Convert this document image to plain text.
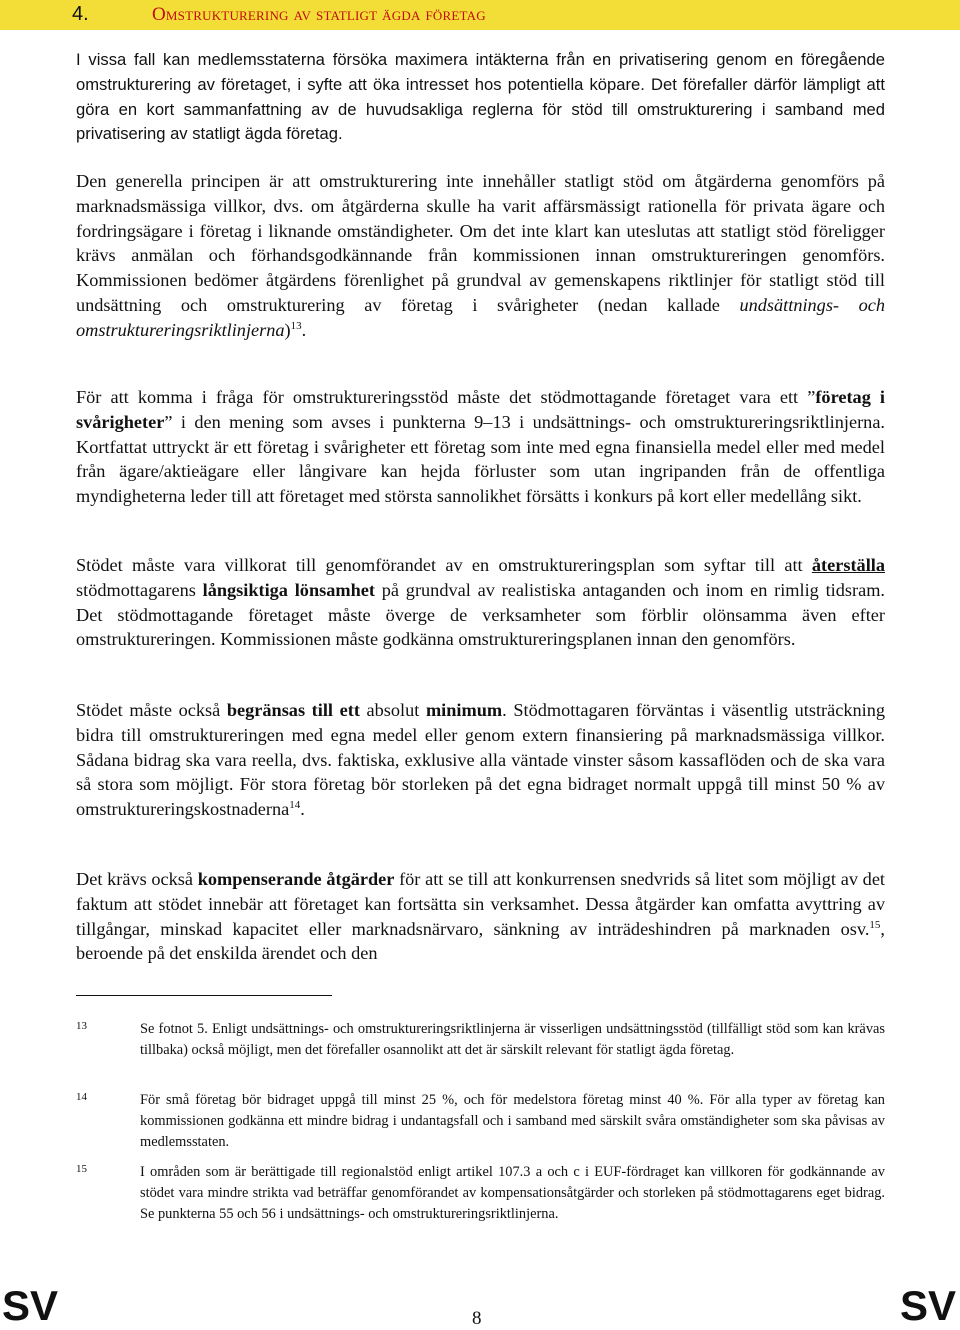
4.	Omstrukturering av statligt ägda företag

I vissa fall kan medlemsstaterna försöka maximera intäkterna från en privatisering genom en föregående omstrukturering av företaget, i syfte att öka intresset hos potentiella köpare. Det förefaller därför lämpligt att göra en kort sammanfattning av de huvudsakliga reglerna för stöd till omstrukturering i samband med privatisering av statligt ägda företag.

Den generella principen är att omstrukturering inte innehåller statligt stöd om åtgärderna genomförs på marknadsmässiga villkor, dvs. om åtgärderna skulle ha varit affärsmässigt rationella för privata ägare och fordringsägare i företag i liknande omständigheter. Om det inte klart kan uteslutas att statligt stöd föreligger krävs anmälan och förhandsgodkännande från kommissionen innan omstruktureringen genomförs. Kommissionen bedömer åtgärdens förenlighet på grundval av gemenskapens riktlinjer för statligt stöd till undsättning och omstrukturering av företag i svårigheter (nedan kallade undsättnings- och omstruktureringsriktlinjerna)$^{13}$.

För att komma i fråga för omstruktureringsstöd måste det stödmottagande företaget vara ett ”företag i svårigheter” i den mening som avses i punkterna 9–13 i undsättnings- och omstruktureringsriktlinjerna. Kortfattat uttryckt är ett företag i svårigheter ett företag som inte med egna finansiella medel eller med medel från ägare/aktieägare eller långivare kan hejda förluster som utan ingripanden från de offentliga myndigheterna leder till att företaget med största sannolikhet försätts i konkurs på kort eller medellång sikt.

Stödet måste vara villkorat till genomförandet av en omstruktureringsplan som syftar till att återställa stödmottagarens långsiktiga lönsamhet på grundval av realistiska antaganden och inom en rimlig tidsram. Det stödmottagande företaget måste överge de verksamheter som förblir olönsamma även efter omstruktureringen. Kommissionen måste godkänna omstruktureringsplanen innan den genomförs.

Stödet måste också begränsas till ett absolut minimum. Stödmottagaren förväntas i väsentlig utsträckning bidra till omstruktureringen med egna medel eller genom extern finansiering på marknadsmässiga villkor. Sådana bidrag ska vara reella, dvs. faktiska, exklusive alla väntade vinster såsom kassaflöden och de ska vara så stora som möjligt. För stora företag bör storleken på det egna bidraget normalt uppgå till minst 50 % av omstruktureringskostnaderna$^{14}$.

Det krävs också kompenserande åtgärder för att se till att konkurrensen snedvrids så litet som möjligt av det faktum att stödet innebär att företaget kan fortsätta sin verksamhet. Dessa åtgärder kan omfatta avyttring av tillgångar, minskad kapacitet eller marknadsnärvaro, sänkning av inträdeshindren på marknaden osv.$^{15}$, beroende på det enskilda ärendet och den

13	Se fotnot 5. Enligt undsättnings- och omstruktureringsriktlinjerna är visserligen undsättningsstöd (tillfälligt stöd som kan krävas tillbaka) också möjligt, men det förefaller osannolikt att det är särskilt relevant för statligt ägda företag.
14	För små företag bör bidraget uppgå till minst 25 %, och för medelstora företag minst 40 %. För alla typer av företag kan kommissionen godkänna ett mindre bidrag i undantagsfall och i samband med särskilt svåra omständigheter som ska påvisas av medlemsstaten.
15	I områden som är berättigade till regionalstöd enligt artikel 107.3 a och c i EUF-fördraget kan villkoren för godkännande av stödet vara mindre strikta vad beträffar genomförandet av kompensationsåtgärder och storleken på stödmottagarens eget bidrag. Se punkterna 55 och 56 i undsättnings- och omstruktureringsriktlinjerna.
SV	8	SV
